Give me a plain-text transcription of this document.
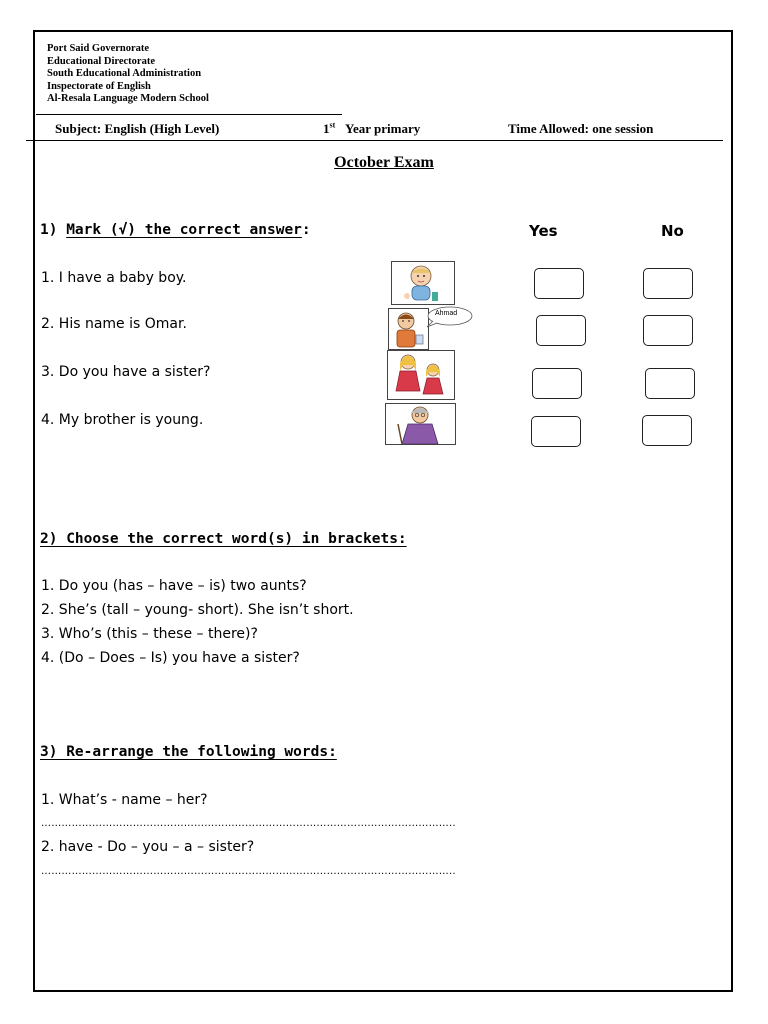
Port Said Governorate
Educational Directorate
South Educational Administration
Inspectorate of English
Al-Resala Language Modern School
Subject: English (High Level)	1st Year primary	Time Allowed: one session
October Exam
1) Mark (√) the correct answer:	Yes	No
1. I have a baby boy.
2. His name is Omar.
3. Do you have a sister?
4. My brother is young.
Ahmad
2) Choose the correct word(s) in brackets:
1. Do you (has – have – is) two aunts?
2. She’s (tall – young- short). She isn’t short.
3. Who’s (this – these – there)?
4. (Do – Does – Is) you have a sister?
3) Re-arrange the following words:
1. What’s - name – her?
…………………………………………………………………………………………………………..
2. have - Do – you – a – sister?
…………………………………………………………………………………………………………..
